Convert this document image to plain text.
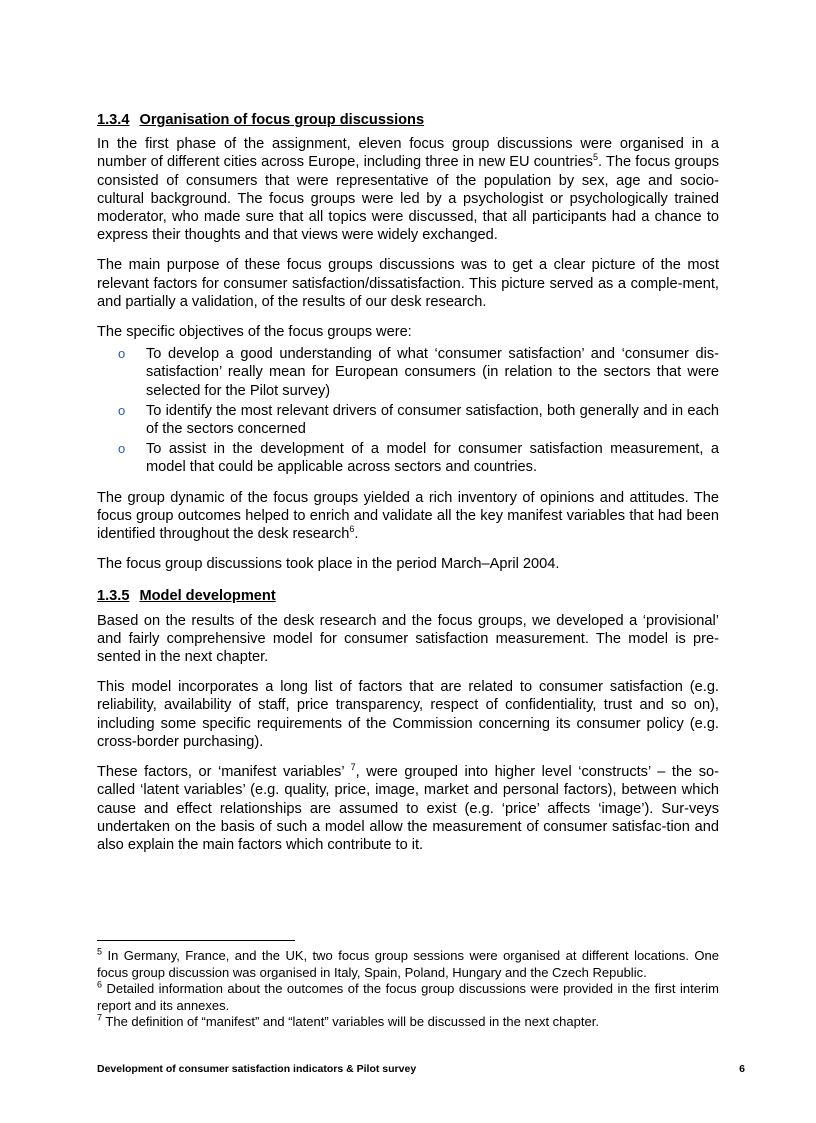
1.3.4 Organisation of focus group discussions

In the first phase of the assignment, eleven focus group discussions were organised in a number of different cities across Europe, including three in new EU countries$^5$. The focus groups consisted of consumers that were representative of the population by sex, age and socio-cultural background. The focus groups were led by a psychologist or psychologically trained moderator, who made sure that all topics were discussed, that all participants had a chance to express their thoughts and that views were widely exchanged.

The main purpose of these focus groups discussions was to get a clear picture of the most relevant factors for consumer satisfaction/dissatisfaction. This picture served as a comple-ment, and partially a validation, of the results of our desk research.

The specific objectives of the focus groups were:

o To develop a good understanding of what ‘consumer satisfaction’ and ‘consumer dis-satisfaction’ really mean for European consumers (in relation to the sectors that were selected for the Pilot survey)
o To identify the most relevant drivers of consumer satisfaction, both generally and in each of the sectors concerned
o To assist in the development of a model for consumer satisfaction measurement, a model that could be applicable across sectors and countries.

The group dynamic of the focus groups yielded a rich inventory of opinions and attitudes. The focus group outcomes helped to enrich and validate all the key manifest variables that had been identified throughout the desk research$^6$.

The focus group discussions took place in the period March–April 2004.

1.3.5 Model development

Based on the results of the desk research and the focus groups, we developed a ‘provisional’ and fairly comprehensive model for consumer satisfaction measurement. The model is pre-sented in the next chapter.

This model incorporates a long list of factors that are related to consumer satisfaction (e.g. reliability, availability of staff, price transparency, respect of confidentiality, trust and so on), including some specific requirements of the Commission concerning its consumer policy (e.g. cross-border purchasing).

These factors, or ‘manifest variables’ $^7$, were grouped into higher level ‘constructs’ – the so-called ‘latent variables’ (e.g. quality, price, image, market and personal factors), between which cause and effect relationships are assumed to exist (e.g. ‘price’ affects ‘image’). Sur-veys undertaken on the basis of such a model allow the measurement of consumer satisfac-tion and also explain the main factors which contribute to it.

$^5$ In Germany, France, and the UK, two focus group sessions were organised at different locations. One focus group discussion was organised in Italy, Spain, Poland, Hungary and the Czech Republic.
$^6$ Detailed information about the outcomes of the focus group discussions were provided in the first interim report and its annexes.
$^7$ The definition of “manifest” and “latent” variables will be discussed in the next chapter.
Development of consumer satisfaction indicators & Pilot survey	6
